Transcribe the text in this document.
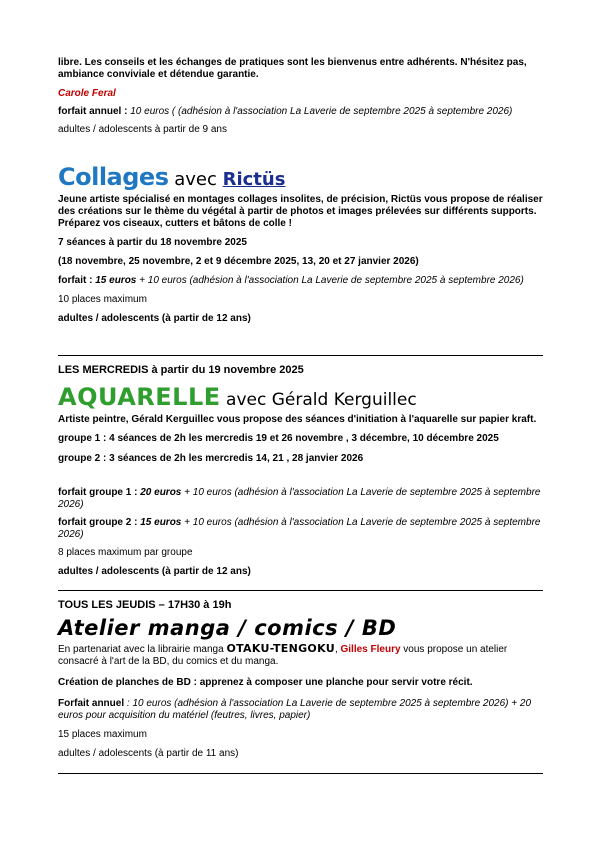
libre. Les conseils et les échanges de pratiques sont les bienvenus entre adhérents. N'hésitez pas, ambiance conviviale et détendue garantie.

Carole Feral

forfait annuel : 10 euros ( (adhésion à l'association La Laverie de septembre 2025 à septembre 2026)

adultes / adolescents à partir de 9 ans

Collages avec Rictüs

Jeune artiste spécialisé en montages collages insolites, de précision, Rictüs vous propose de réaliser des créations sur le thème du végétal à partir de photos et images prélevées sur différents supports. Préparez vos ciseaux, cutters et bâtons de colle !

7 séances à partir du 18 novembre 2025

(18 novembre, 25 novembre, 2 et 9 décembre 2025, 13, 20 et 27 janvier 2026)

forfait : 15 euros + 10 euros (adhésion à l'association La Laverie de septembre 2025 à septembre 2026)

10 places maximum

adultes / adolescents (à partir de 12 ans)

LES MERCREDIS à partir du 19 novembre 2025

AQUARELLE avec Gérald Kerguillec

Artiste peintre, Gérald Kerguillec vous propose des séances d'initiation à l'aquarelle sur papier kraft.

groupe 1 : 4 séances de 2h les mercredis 19 et 26 novembre , 3 décembre, 10 décembre 2025

groupe 2 : 3 séances de 2h les mercredis 14, 21 , 28 janvier 2026

forfait groupe 1 : 20 euros + 10 euros (adhésion à l'association La Laverie de septembre 2025 à septembre 2026)

forfait groupe 2 : 15 euros + 10 euros (adhésion à l'association La Laverie de septembre 2025 à septembre 2026)

8 places maximum par groupe

adultes / adolescents (à partir de 12 ans)

TOUS LES JEUDIS – 17H30 à 19h

Atelier manga / comics / BD

En partenariat avec la librairie manga OTAKU-TENGOKU, Gilles Fleury vous propose un atelier consacré à l'art de la BD, du comics et du manga.

Création de planches de BD : apprenez à composer une planche pour servir votre récit.

Forfait annuel : 10 euros (adhésion à l'association La Laverie de septembre 2025 à septembre 2026) + 20 euros pour acquisition du matériel (feutres, livres, papier)

15 places maximum

adultes / adolescents (à partir de 11 ans)
